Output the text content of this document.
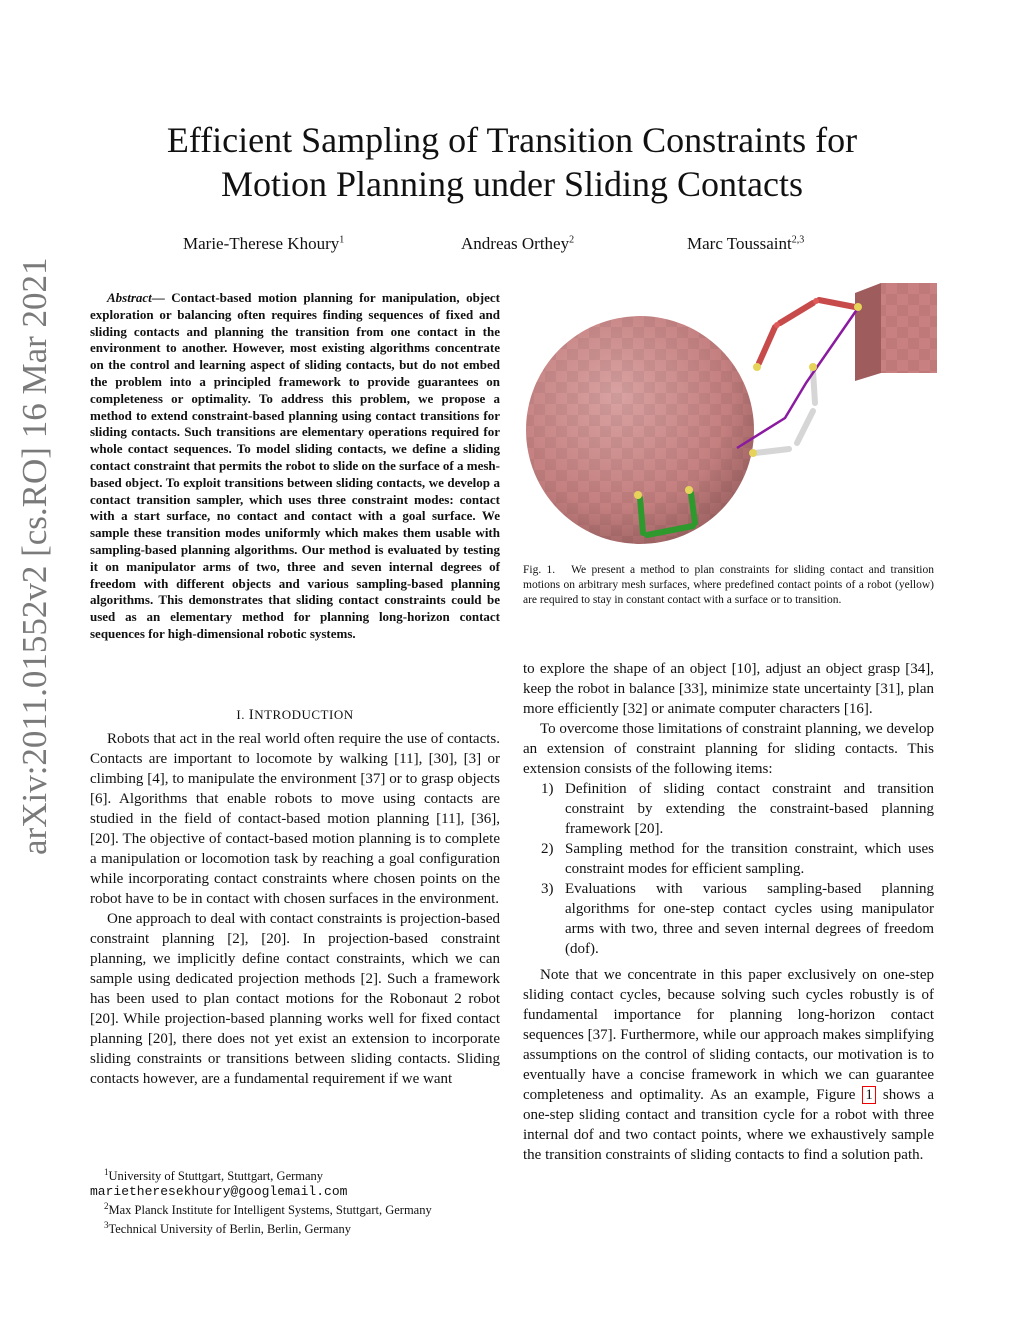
arXiv:2011.01552v2 [cs.RO] 16 Mar 2021
Efficient Sampling of Transition Constraints for
Motion Planning under Sliding Contacts
Marie-Therese Khoury$^1$	Andreas Orthey$^2$	Marc Toussaint$^{2,3}$

Abstract— Contact-based motion planning for manipulation, object exploration or balancing often requires finding sequences of fixed and sliding contacts and planning the transition from one contact in the environment to another. However, most existing algorithms concentrate on the control and learning aspect of sliding contacts, but do not embed the problem into a principled framework to provide guarantees on completeness or optimality. To address this problem, we propose a method to extend constraint-based planning using contact transitions for sliding contacts. Such transitions are elementary operations required for whole contact sequences. To model sliding contacts, we define a sliding contact constraint that permits the robot to slide on the surface of a mesh-based object. To exploit transitions between sliding contacts, we develop a contact transition sampler, which uses three constraint modes: contact with a start surface, no contact and contact with a goal surface. We sample these transition modes uniformly which makes them usable with sampling-based planning algorithms. Our method is evaluated by testing it on manipulator arms of two, three and seven internal degrees of freedom with different objects and various sampling-based planning algorithms. This demonstrates that sliding contact constraints could be used as an elementary method for planning long-horizon contact sequences for high-dimensional robotic systems.

I. INTRODUCTION

Robots that act in the real world often require the use of contacts. Contacts are important to locomote by walking [11], [30], [3] or climbing [4], to manipulate the environment [37] or to grasp objects [6]. Algorithms that enable robots to move using contacts are studied in the field of contact-based motion planning [11], [36], [20]. The objective of contact-based motion planning is to complete a manipulation or locomotion task by reaching a goal configuration while incorporating contact constraints where chosen points on the robot have to be in contact with chosen surfaces in the environment.

One approach to deal with contact constraints is projection-based constraint planning [2], [20]. In projection-based constraint planning, we implicitly define contact constraints, which we can sample using dedicated projection methods [2]. Such a framework has been used to plan contact motions for the Robonaut 2 robot [20]. While projection-based planning works well for fixed contact planning [20], there does not yet exist an extension to incorporate sliding constraints or transitions between sliding contacts. Sliding contacts however, are a fundamental requirement if we want

$^1$University of Stuttgart, Stuttgart, Germany
marietheresekhoury@googlemail.com
$^2$Max Planck Institute for Intelligent Systems, Stuttgart, Germany
$^3$Technical University of Berlin, Berlin, Germany
Fig. 1. We present a method to plan constraints for sliding contact and transition motions on arbitrary mesh surfaces, where predefined contact points of a robot (yellow) are required to stay in constant contact with a surface or to transition.

to explore the shape of an object [10], adjust an object grasp [34], keep the robot in balance [33], minimize state uncertainty [31], plan more efficiently [32] or animate computer characters [16].

To overcome those limitations of constraint planning, we develop an extension of constraint planning for sliding contacts. This extension consists of the following items:

1) Definition of sliding contact constraint and transition constraint by extending the constraint-based planning framework [20].
2) Sampling method for the transition constraint, which uses constraint modes for efficient sampling.
3) Evaluations with various sampling-based planning algorithms for one-step contact cycles using manipulator arms with two, three and seven internal degrees of freedom (dof).

Note that we concentrate in this paper exclusively on one-step sliding contact cycles, because solving such cycles robustly is of fundamental importance for planning long-horizon contact sequences [37]. Furthermore, while our approach makes simplifying assumptions on the control of sliding contacts, our motivation is to eventually have a concise framework in which we can guarantee completeness and optimality. As an example, Figure 1 shows a one-step sliding contact and transition cycle for a robot with three internal dof and two contact points, where we exhaustively sample the transition constraints of sliding contacts to find a solution path.
